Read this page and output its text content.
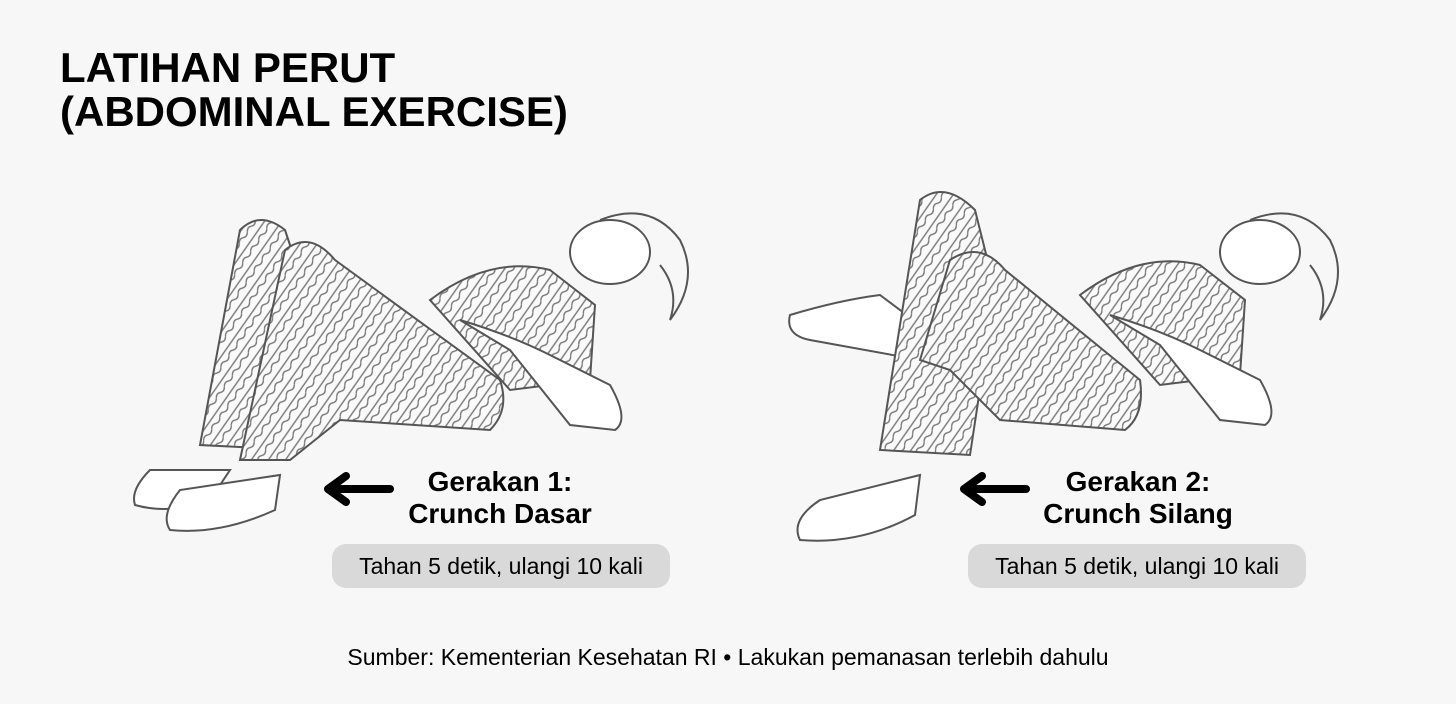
LATIHAN PERUT
(ABDOMINAL EXERCISE)
Gerakan 1:
Crunch Dasar
Tahan 5 detik, ulangi 10 kali
Gerakan 2:
Crunch Silang
Tahan 5 detik, ulangi 10 kali
Sumber: Kementerian Kesehatan RI • Lakukan pemanasan terlebih dahulu
